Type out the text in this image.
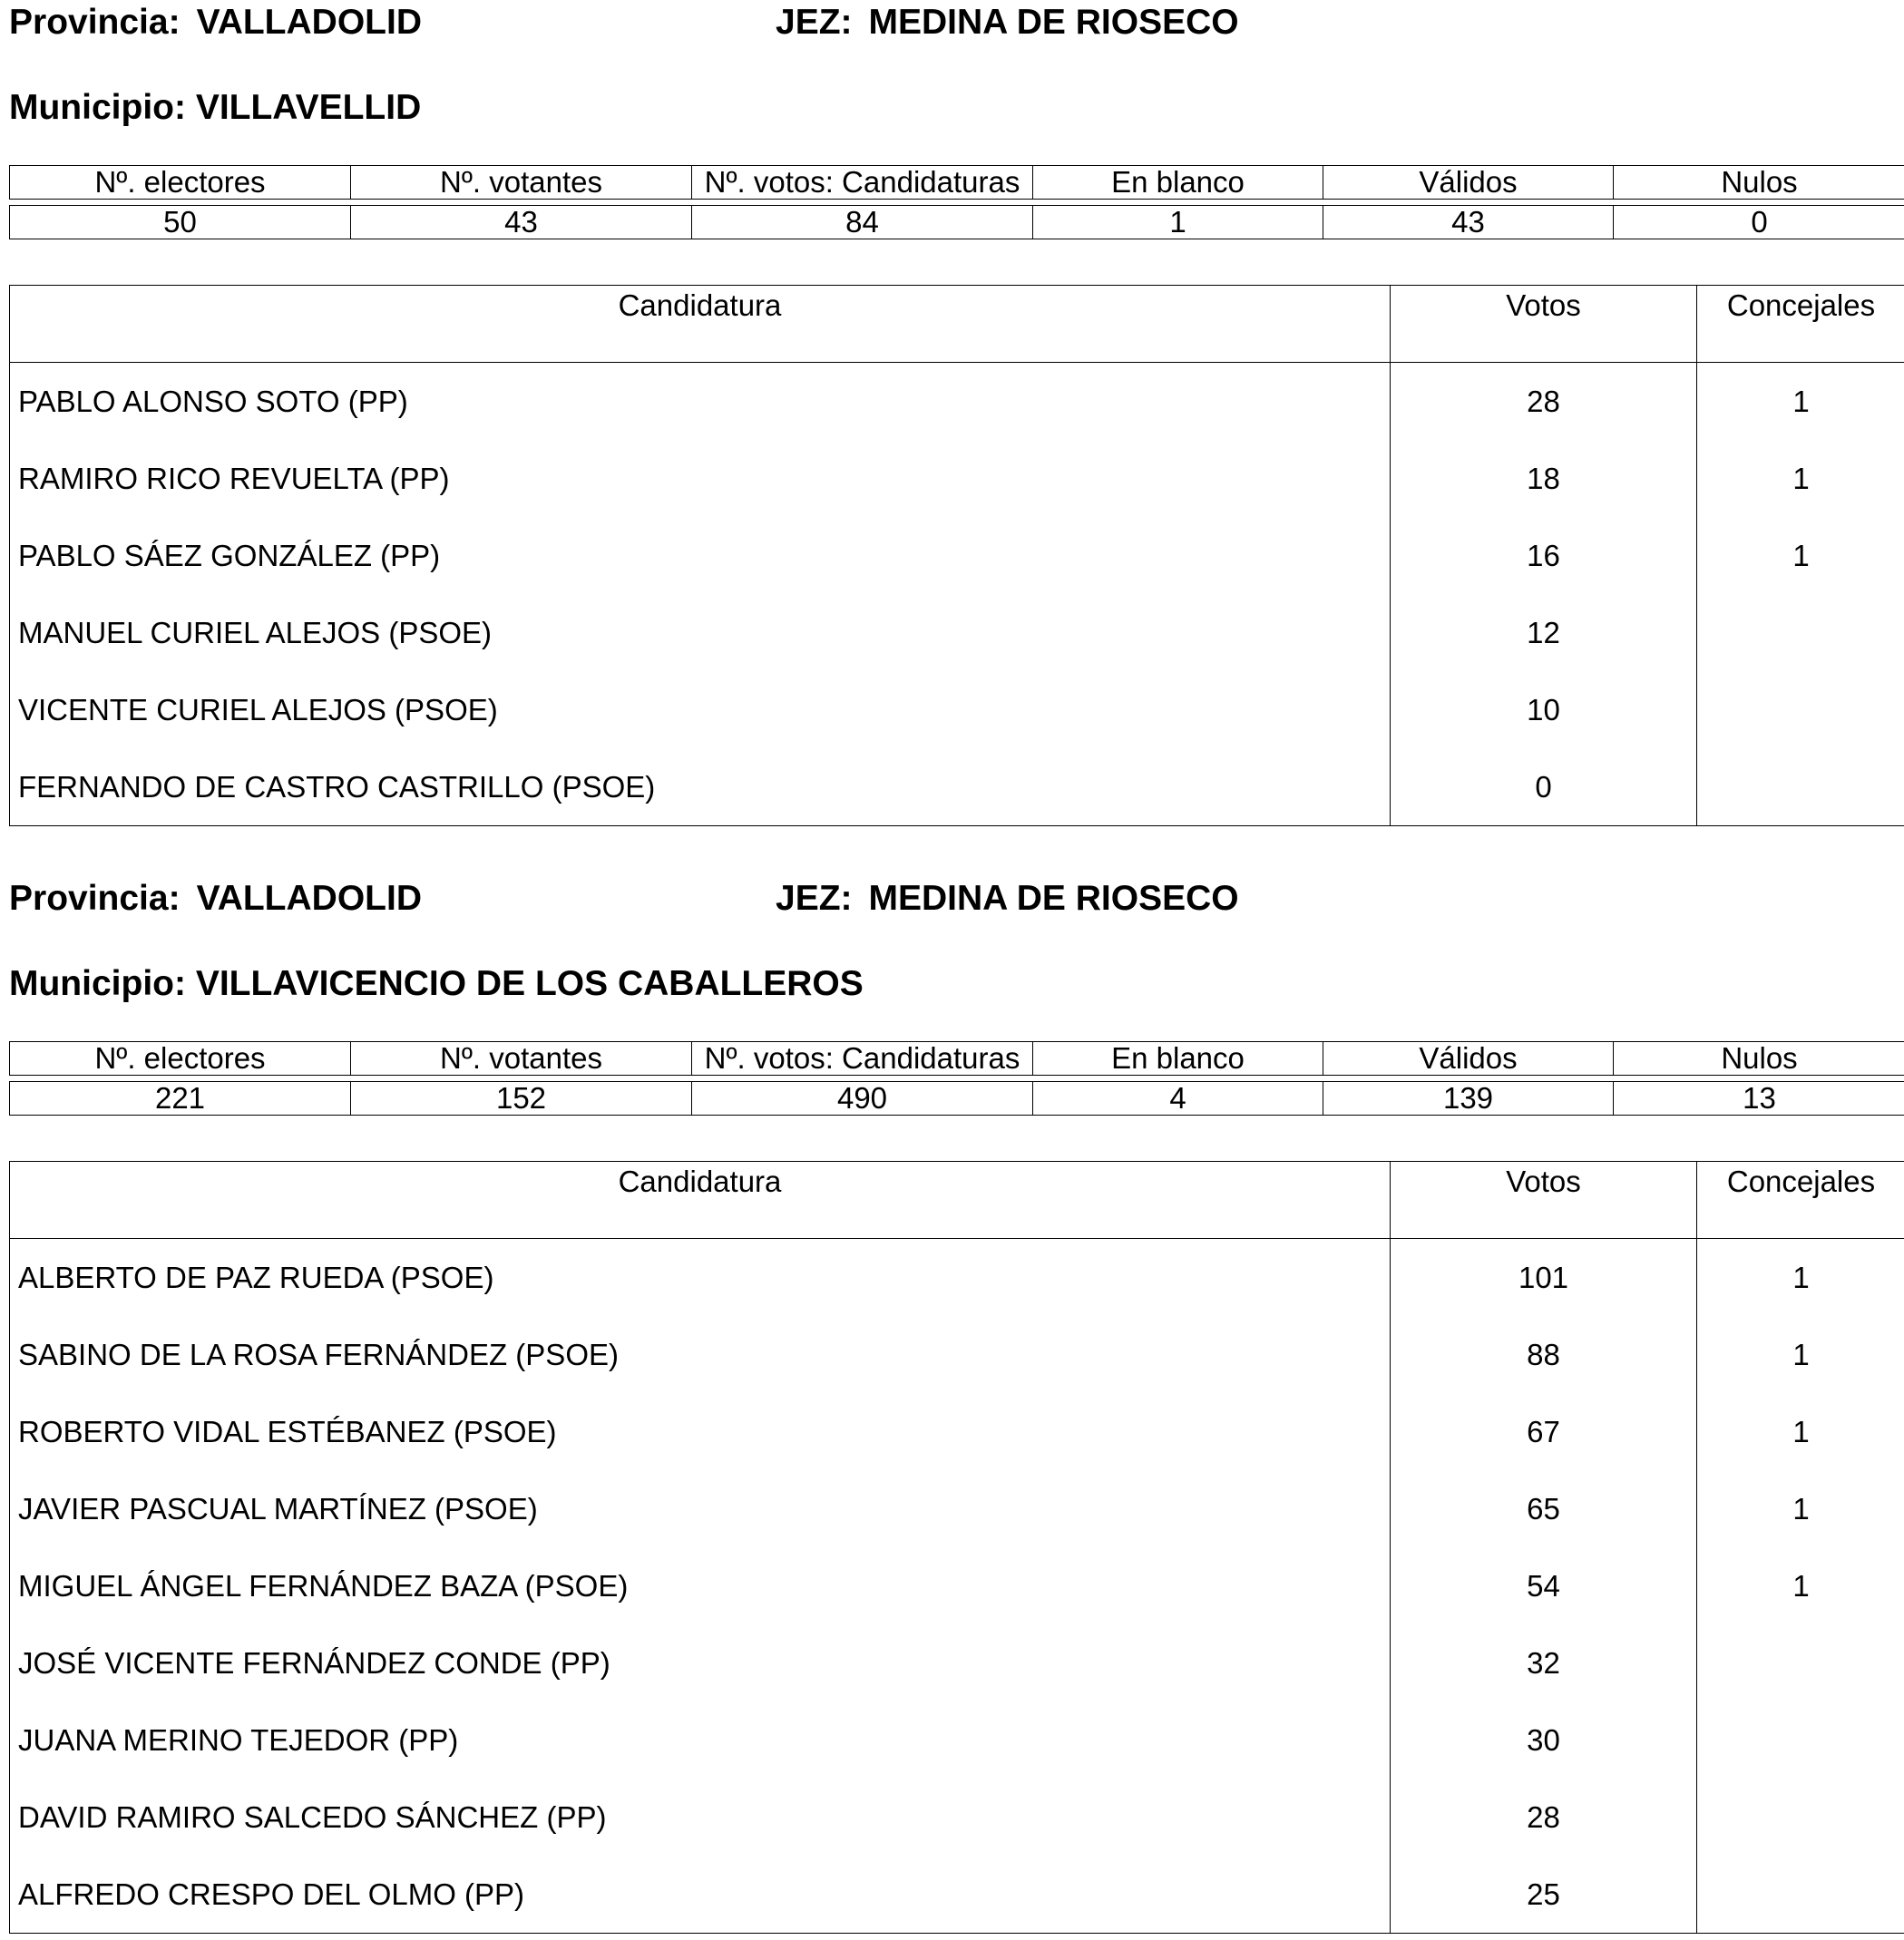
Provincia: VALLADOLID	JEZ: MEDINA DE RIOSECO
Municipio: VILLAVELLID
Nº. electores	Nº. votantes	Nº. votos: Candidaturas	En blanco	Válidos	Nulos

50	43	84	1	43	0
Candidatura	Votos	Concejales
PABLO ALONSO SOTO (PP)	28	1
RAMIRO RICO REVUELTA (PP)	18	1
PABLO SÁEZ GONZÁLEZ (PP)	16	1
MANUEL CURIEL ALEJOS (PSOE)	12	
VICENTE CURIEL ALEJOS (PSOE)	10	
FERNANDO DE CASTRO CASTRILLO (PSOE)	0	
Provincia: VALLADOLID	JEZ: MEDINA DE RIOSECO
Municipio: VILLAVICENCIO DE LOS CABALLEROS
Nº. electores	Nº. votantes	Nº. votos: Candidaturas	En blanco	Válidos	Nulos

221	152	490	4	139	13
Candidatura	Votos	Concejales
ALBERTO DE PAZ RUEDA (PSOE)	101	1
SABINO DE LA ROSA FERNÁNDEZ (PSOE)	88	1
ROBERTO VIDAL ESTÉBANEZ (PSOE)	67	1
JAVIER PASCUAL MARTÍNEZ (PSOE)	65	1
MIGUEL ÁNGEL FERNÁNDEZ BAZA (PSOE)	54	1
JOSÉ VICENTE FERNÁNDEZ CONDE (PP)	32	
JUANA MERINO TEJEDOR (PP)	30	
DAVID RAMIRO SALCEDO SÁNCHEZ (PP)	28	
ALFREDO CRESPO DEL OLMO (PP)	25	
